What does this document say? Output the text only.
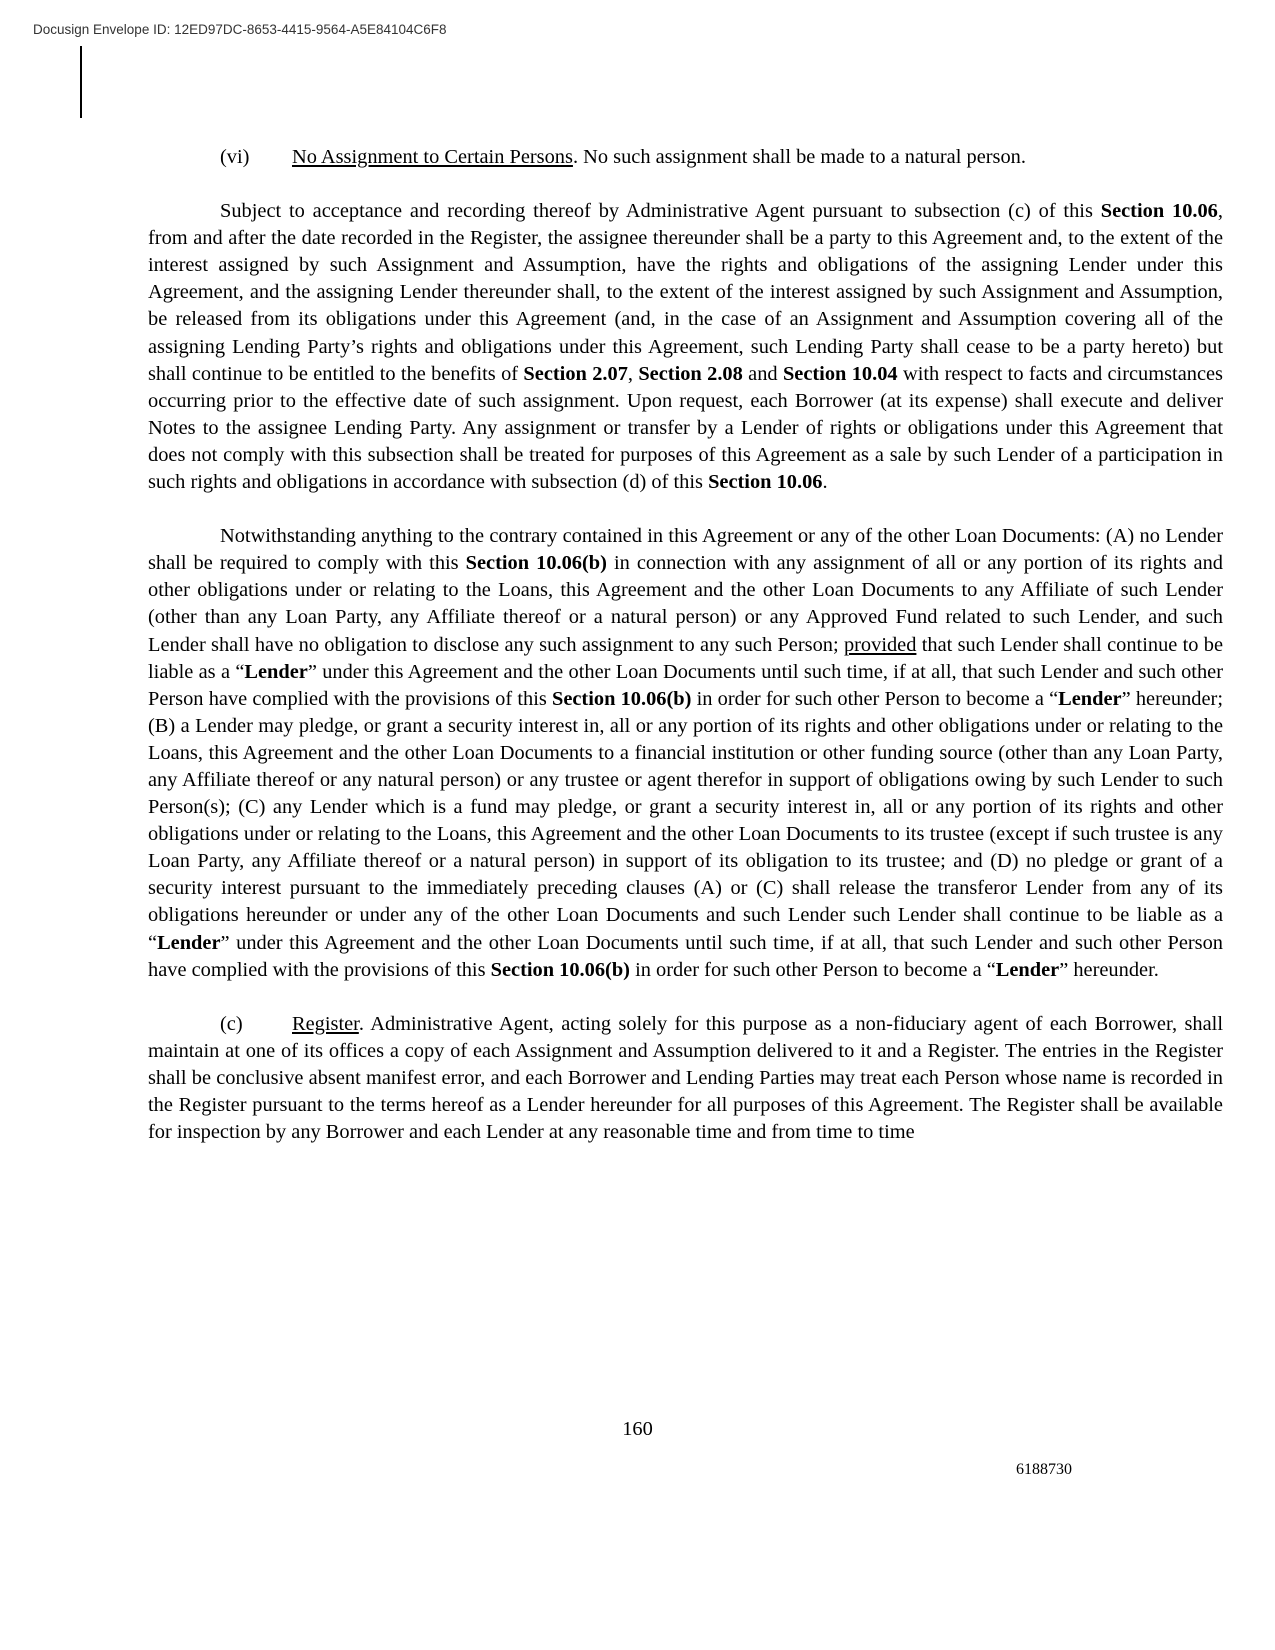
Docusign Envelope ID: 12ED97DC-8653-4415-9564-A5E84104C6F8

(vi) No Assignment to Certain Persons. No such assignment shall be made to a natural person.

Subject to acceptance and recording thereof by Administrative Agent pursuant to subsection (c) of this Section 10.06, from and after the date recorded in the Register, the assignee thereunder shall be a party to this Agreement and, to the extent of the interest assigned by such Assignment and Assumption, have the rights and obligations of the assigning Lender under this Agreement, and the assigning Lender thereunder shall, to the extent of the interest assigned by such Assignment and Assumption, be released from its obligations under this Agreement (and, in the case of an Assignment and Assumption covering all of the assigning Lending Party’s rights and obligations under this Agreement, such Lending Party shall cease to be a party hereto) but shall continue to be entitled to the benefits of Section 2.07, Section 2.08 and Section 10.04 with respect to facts and circumstances occurring prior to the effective date of such assignment. Upon request, each Borrower (at its expense) shall execute and deliver Notes to the assignee Lending Party. Any assignment or transfer by a Lender of rights or obligations under this Agreement that does not comply with this subsection shall be treated for purposes of this Agreement as a sale by such Lender of a participation in such rights and obligations in accordance with subsection (d) of this Section 10.06.

Notwithstanding anything to the contrary contained in this Agreement or any of the other Loan Documents: (A) no Lender shall be required to comply with this Section 10.06(b) in connection with any assignment of all or any portion of its rights and other obligations under or relating to the Loans, this Agreement and the other Loan Documents to any Affiliate of such Lender (other than any Loan Party, any Affiliate thereof or a natural person) or any Approved Fund related to such Lender, and such Lender shall have no obligation to disclose any such assignment to any such Person; provided that such Lender shall continue to be liable as a “Lender” under this Agreement and the other Loan Documents until such time, if at all, that such Lender and such other Person have complied with the provisions of this Section 10.06(b) in order for such other Person to become a “Lender” hereunder; (B) a Lender may pledge, or grant a security interest in, all or any portion of its rights and other obligations under or relating to the Loans, this Agreement and the other Loan Documents to a financial institution or other funding source (other than any Loan Party, any Affiliate thereof or any natural person) or any trustee or agent therefor in support of obligations owing by such Lender to such Person(s); (C) any Lender which is a fund may pledge, or grant a security interest in, all or any portion of its rights and other obligations under or relating to the Loans, this Agreement and the other Loan Documents to its trustee (except if such trustee is any Loan Party, any Affiliate thereof or a natural person) in support of its obligation to its trustee; and (D) no pledge or grant of a security interest pursuant to the immediately preceding clauses (A) or (C) shall release the transferor Lender from any of its obligations hereunder or under any of the other Loan Documents and such Lender such Lender shall continue to be liable as a “Lender” under this Agreement and the other Loan Documents until such time, if at all, that such Lender and such other Person have complied with the provisions of this Section 10.06(b) in order for such other Person to become a “Lender” hereunder.

(c) Register. Administrative Agent, acting solely for this purpose as a non-fiduciary agent of each Borrower, shall maintain at one of its offices a copy of each Assignment and Assumption delivered to it and a Register. The entries in the Register shall be conclusive absent manifest error, and each Borrower and Lending Parties may treat each Person whose name is recorded in the Register pursuant to the terms hereof as a Lender hereunder for all purposes of this Agreement. The Register shall be available for inspection by any Borrower and each Lender at any reasonable time and from time to time

160
6188730
